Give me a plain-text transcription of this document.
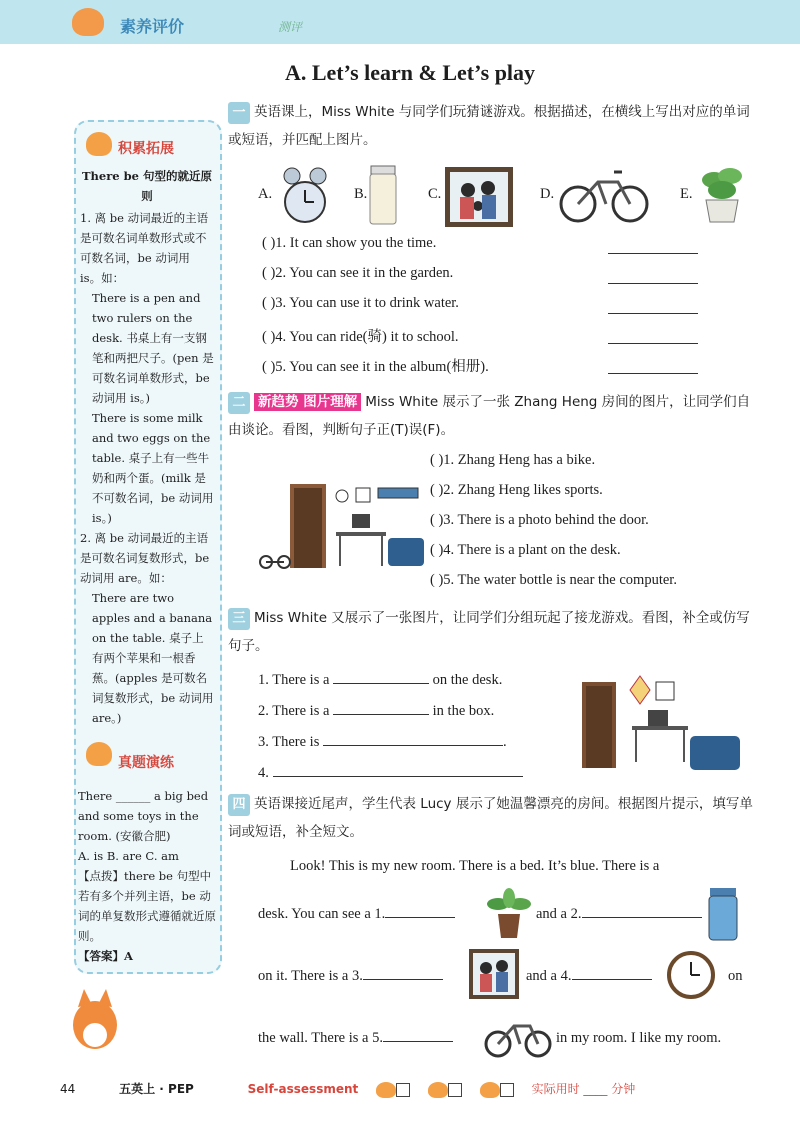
素养评价	测评
A. Let’s learn & Let’s play
积累拓展
There be 句型的就近原则
1. 离 be 动词最近的主语是可数名词单数形式或不可数名词，be 动词用 is。如：
There is a pen and two rulers on the desk. 书桌上有一支钢笔和两把尺子。(pen 是可数名词单数形式，be 动词用 is。)
There is some milk and two eggs on the table. 桌子上有一些牛奶和两个蛋。(milk 是不可数名词，be 动词用 is。)
2. 离 be 动词最近的主语是可数名词复数形式，be 动词用 are。如：
There are two apples and a banana on the table. 桌子上有两个苹果和一根香蕉。(apples 是可数名词复数形式，be 动词用 are。)
真题演练
There ______ a big bed and some toys in the room. (安徽合肥)
A. is B. are C. am
【点拨】there be 句型中若有多个并列主语，be 动词的单复数形式遵循就近原则。
【答案】A
一 英语课上，Miss White 与同学们玩猜谜游戏。根据描述，在横线上写出对应的单词或短语，并匹配上图片。
A.	B.	C.	D.	E.
( )1. It can show you the time.
( )2. You can see it in the garden.
( )3. You can use it to drink water.
( )4. You can ride(骑) it to school.
( )5. You can see it in the album(相册).
二 新趋势 图片理解 Miss White 展示了一张 Zhang Heng 房间的图片，让同学们自由谈论。看图，判断句子正(T)误(F)。
( )1. Zhang Heng has a bike.
( )2. Zhang Heng likes sports.
( )3. There is a photo behind the door.
( )4. There is a plant on the desk.
( )5. The water bottle is near the computer.
三 Miss White 又展示了一张图片，让同学们分组玩起了接龙游戏。看图，补全或仿写句子。
1. There is a	on the desk.
2. There is a	in the box.
3. There is	.
4.
四 英语课接近尾声，学生代表 Lucy 展示了她温馨漂亮的房间。根据图片提示，填写单词或短语，补全短文。
Look! This is my new room. There is a bed. It’s blue. There is a
desk. You can see a 1.	and a 2.
on it. There is a 3.	and a 4.	on
the wall. There is a 5.	in my room. I like my room.
44	五英上 · PEP	Self-assessment	实际用时 ____ 分钟
